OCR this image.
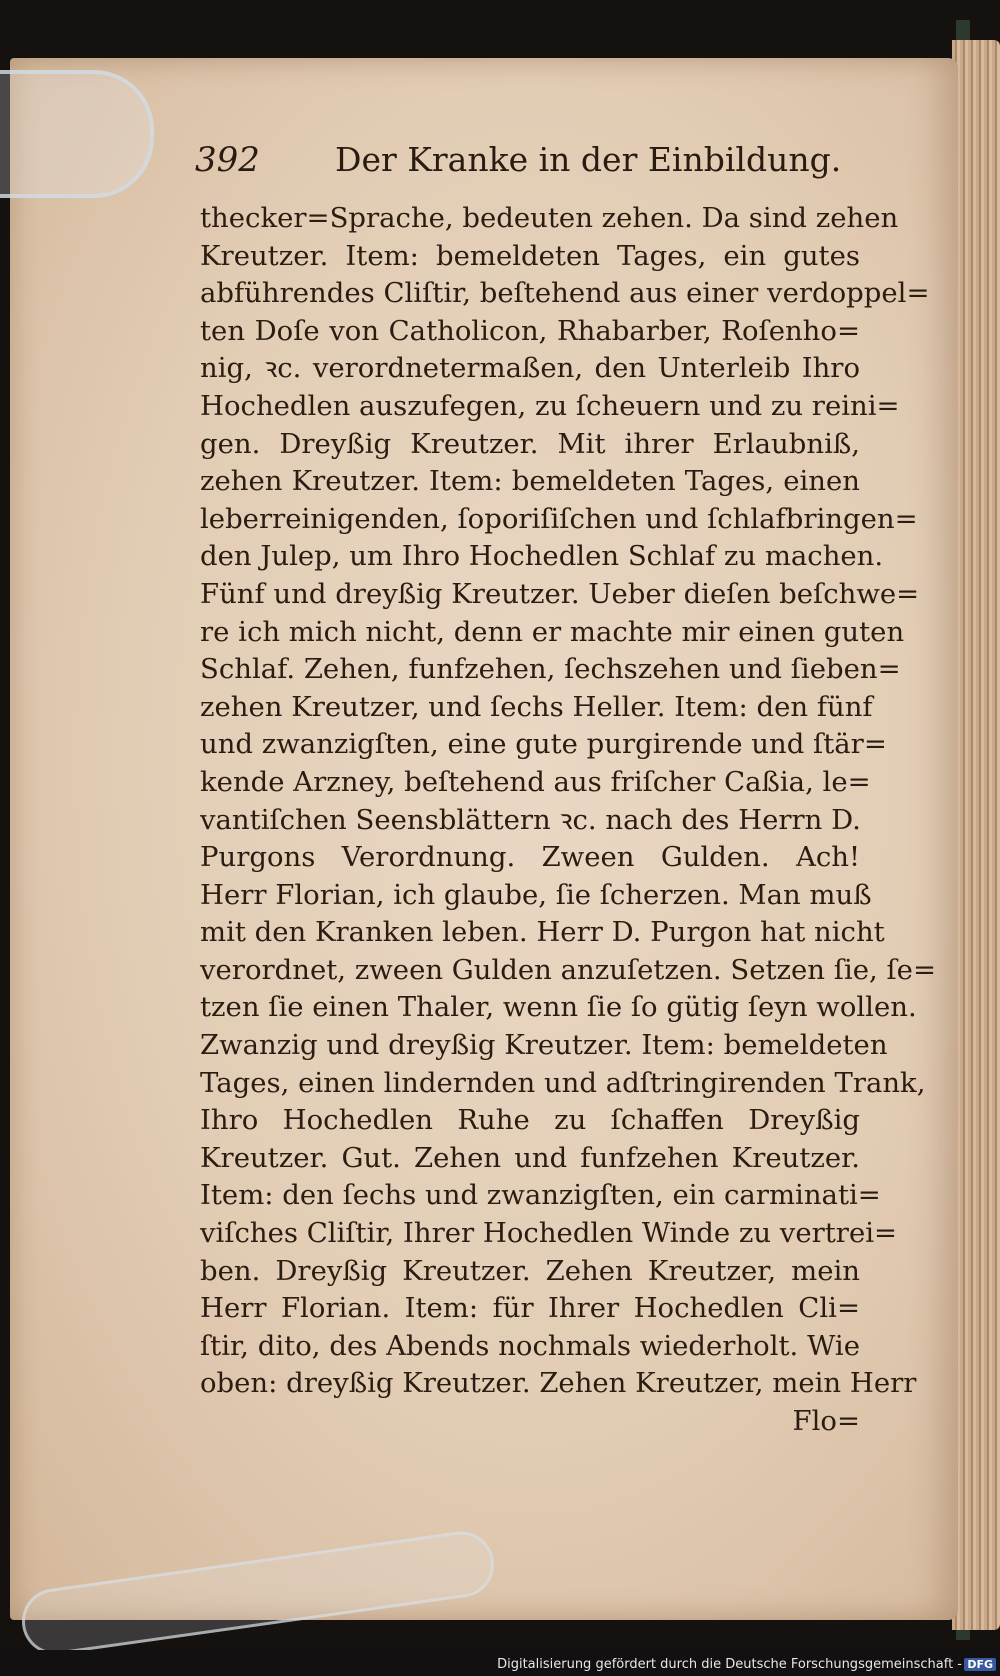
392 Der Kranke in der Einbildung.
thecker=Sprache, bedeuten zehen. Da sind zehen
Kreutzer. Item: bemeldeten Tages, ein gutes
abführendes Cliſtir, beſtehend aus einer verdoppel=
ten Doſe von Catholicon, Rhabarber, Roſenho=
nig, ꝛc. verordnetermaßen, den Unterleib Ihro
Hochedlen auszufegen, zu ſcheuern und zu reini=
gen. Dreyßig Kreutzer. Mit ihrer Erlaubniß,
zehen Kreutzer. Item: bemeldeten Tages, einen
leberreinigenden, ſoporiſiſchen und ſchlafbringen=
den Julep, um Ihro Hochedlen Schlaf zu machen.
Fünf und dreyßig Kreutzer. Ueber dieſen beſchwe=
re ich mich nicht, denn er machte mir einen guten
Schlaf. Zehen, funfzehen, ſechszehen und ſieben=
zehen Kreutzer, und ſechs Heller. Item: den fünf
und zwanzigſten, eine gute purgirende und ſtär=
kende Arzney, beſtehend aus friſcher Caßia, le=
vantiſchen Seensblättern ꝛc. nach des Herrn D.
Purgons Verordnung. Zween Gulden. Ach!
Herr Florian, ich glaube, ſie ſcherzen. Man muß
mit den Kranken leben. Herr D. Purgon hat nicht
verordnet, zween Gulden anzuſetzen. Setzen ſie, ſe=
tzen ſie einen Thaler, wenn ſie ſo gütig ſeyn wollen.
Zwanzig und dreyßig Kreutzer. Item: bemeldeten
Tages, einen lindernden und adſtringirenden Trank,
Ihro Hochedlen Ruhe zu ſchaffen Dreyßig
Kreutzer. Gut. Zehen und funfzehen Kreutzer.
Item: den ſechs und zwanzigſten, ein carminati=
viſches Cliſtir, Ihrer Hochedlen Winde zu vertrei=
ben. Dreyßig Kreutzer. Zehen Kreutzer, mein
Herr Florian. Item: für Ihrer Hochedlen Cli=
ſtir, dito, des Abends nochmals wiederholt. Wie
oben: dreyßig Kreutzer. Zehen Kreutzer, mein Herr
Flo=
Digitalisierung gefördert durch die Deutsche Forschungsgemeinschaft - DFG
